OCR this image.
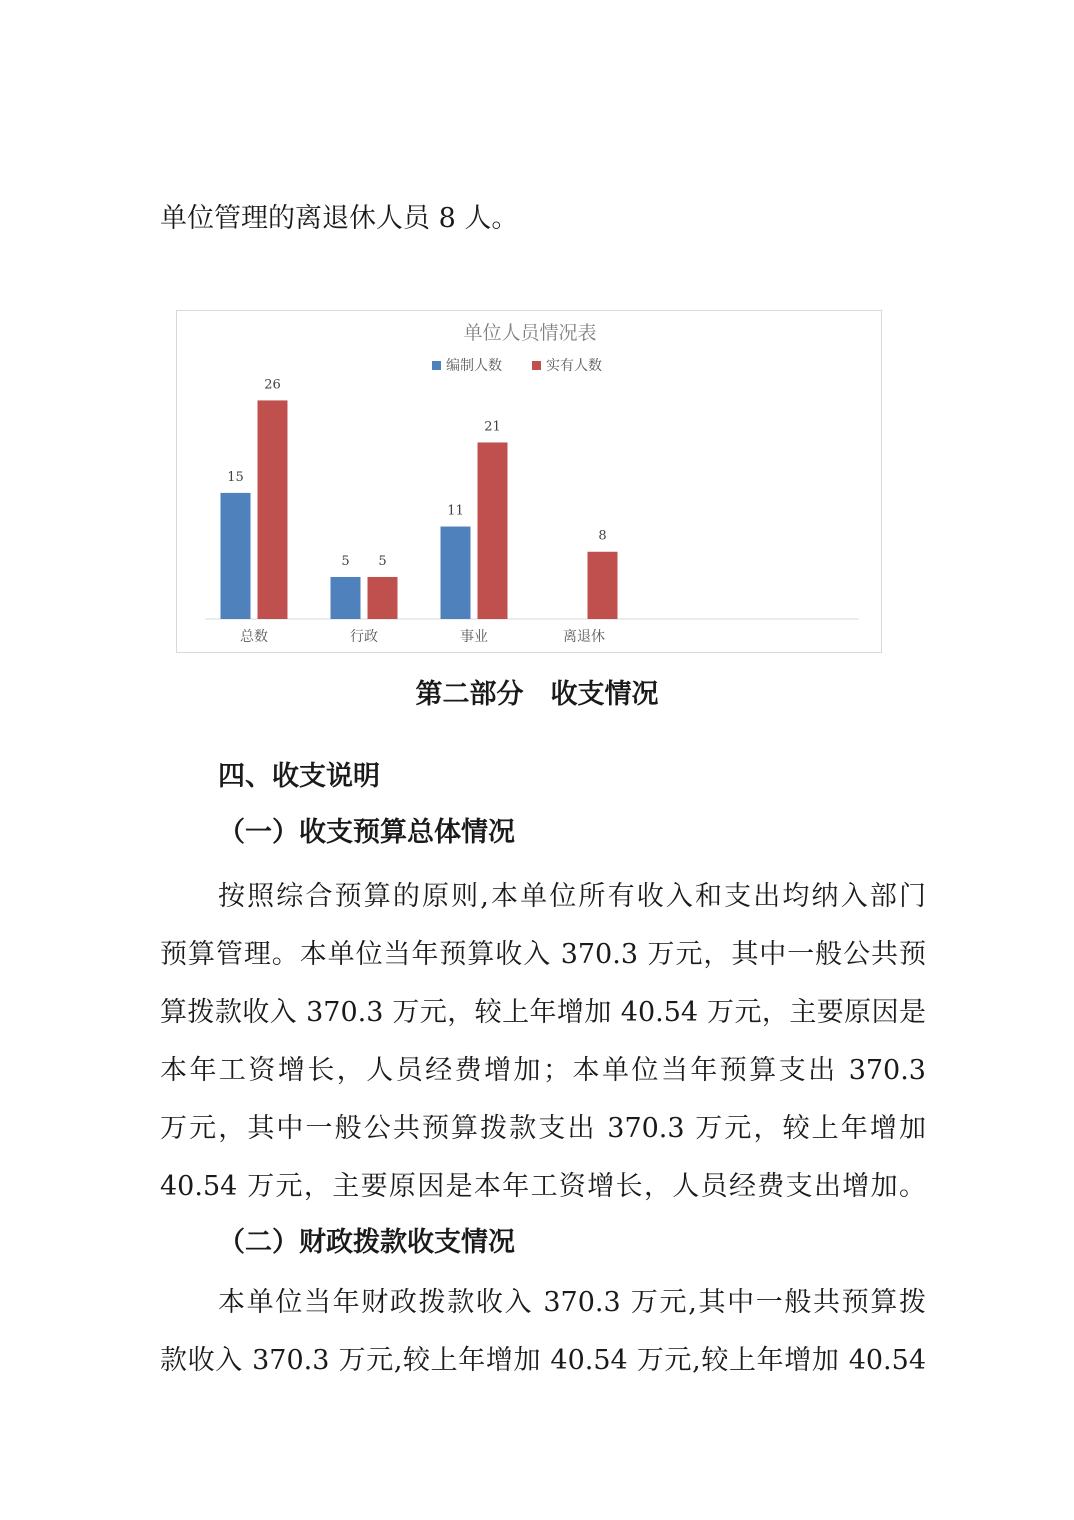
单位管理的离退休人员 8 人。
单位人员情况表
编制人数	实有人数
15
26
5 5
11
21
8
总数	行政	事业	离退休
第二部分　收支情况
四、收支说明
（一）收支预算总体情况
按照综合预算的原则,本单位所有收入和支出均纳入部门
预算管理。本单位当年预算收入 370.3 万元，其中一般公共预
算拨款收入 370.3 万元，较上年增加 40.54 万元，主要原因是
本年工资增长，人员经费增加；本单位当年预算支出 370.3
万元，其中一般公共预算拨款支出 370.3 万元，较上年增加
40.54 万元，主要原因是本年工资增长，人员经费支出增加。
（二）财政拨款收支情况
本单位当年财政拨款收入 370.3 万元,其中一般共预算拨
款收入 370.3 万元,较上年增加 40.54 万元,较上年增加 40.54
